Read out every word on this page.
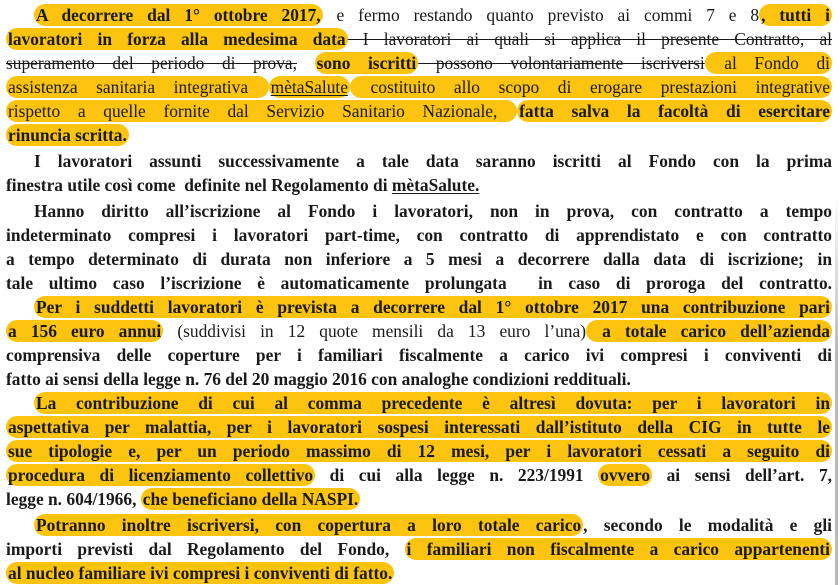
A decorrere dal 1° ottobre 2017, e fermo restando quanto previsto ai commi 7 e 8 , tutti i
lavoratori in forza alla medesima data I lavoratori ai quali si applica il presente Contratto, al
superamento del periodo di prova, sono iscritti possono volontariamente iscriversi al Fondo di
assistenza sanitaria integrativa mètaSalute costituito allo scopo di erogare prestazioni integrative
rispetto a quelle fornite dal Servizio Sanitario Nazionale, fatta salva la facoltà di esercitare
rinuncia scritta.
I lavoratori assunti successivamente a tale data saranno iscritti al Fondo con la prima
finestra utile così come  definite nel Regolamento di mètaSalute.
Hanno diritto all’iscrizione al Fondo i lavoratori, non in prova, con contratto a tempo
indeterminato compresi i lavoratori part-time, con contratto di apprendistato e con contratto
a tempo determinato di durata non inferiore a 5 mesi a decorrere dalla data di iscrizione; in
tale ultimo caso l’iscrizione è automaticamente prolungata  in caso di proroga del contratto.
Per i suddetti lavoratori è prevista a decorrere dal 1° ottobre 2017 una contribuzione pari
a 156 euro annui (suddivisi in 12 quote mensili da 13 euro l’una) a totale carico dell’azienda
comprensiva delle coperture per i familiari fiscalmente a carico ivi compresi i conviventi di
fatto ai sensi della legge n. 76 del 20 maggio 2016 con analoghe condizioni reddituali.
La contribuzione di cui al comma precedente è altresì dovuta: per i lavoratori in
aspettativa per malattia, per i lavoratori sospesi interessati dall’istituto della CIG in tutte le
sue tipologie e, per un periodo massimo di 12 mesi, per i lavoratori cessati a seguito di
procedura di licenziamento collettivo di cui alla legge n. 223/1991 ovvero ai sensi dell’art. 7,
legge n. 604/1966, che beneficiano della NASPI.
Potranno inoltre iscriversi, con copertura a loro totale carico , secondo le modalità e gli
importi previsti dal Regolamento del Fondo, i familiari non fiscalmente a carico appartenenti
al nucleo familiare ivi compresi i conviventi di fatto.
